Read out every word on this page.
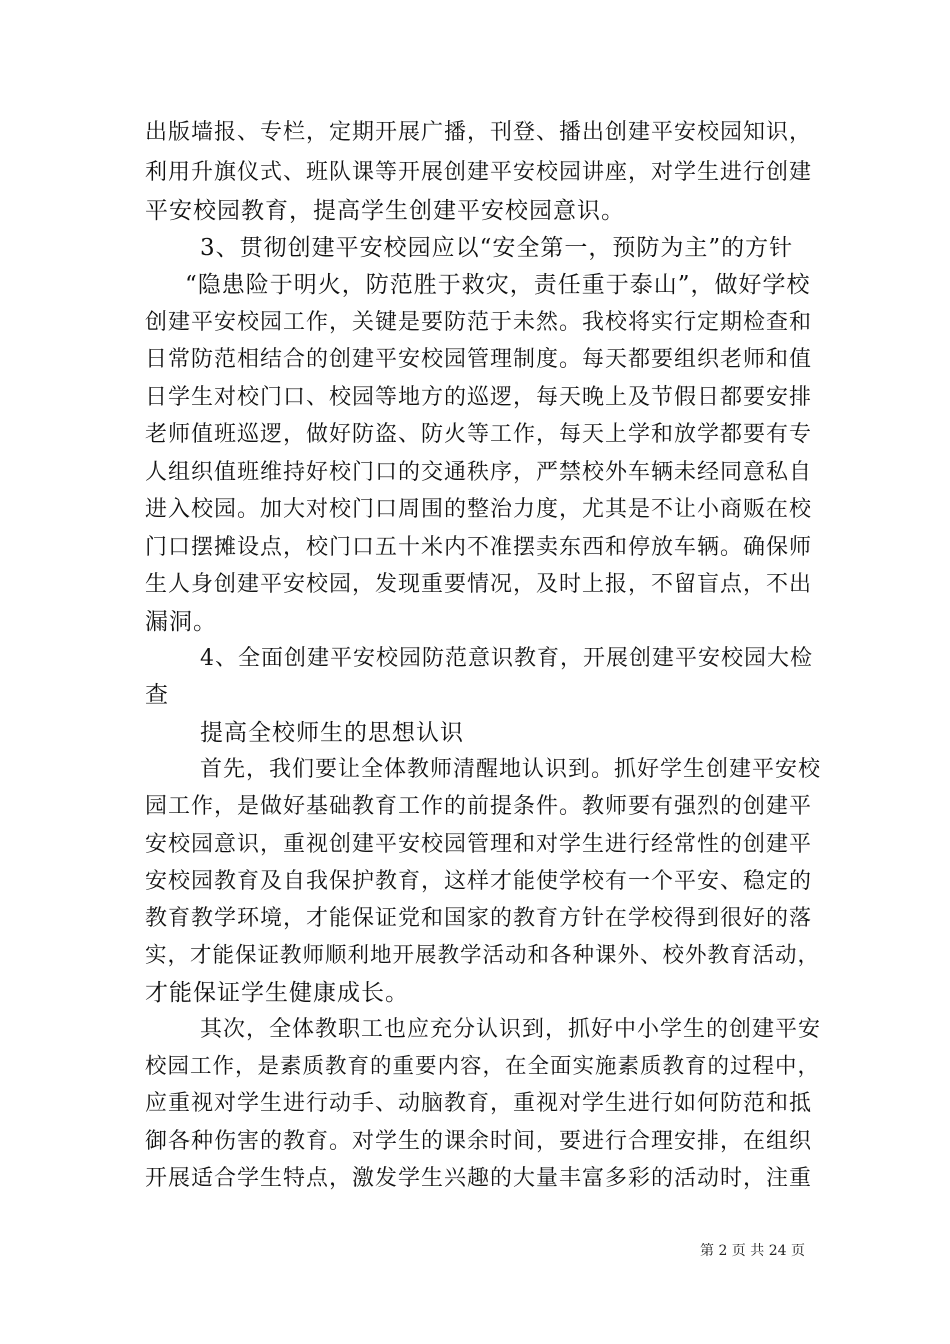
出版墙报、专栏，定期开展广播，刊登、播出创建平安校园知识，
利用升旗仪式、班队课等开展创建平安校园讲座，对学生进行创建
平安校园教育，提高学生创建平安校园意识。
3、贯彻创建平安校园应以“安全第一，预防为主”的方针
“隐患险于明火，防范胜于救灾，责任重于泰山”，做好学校
创建平安校园工作，关键是要防范于未然。我校将实行定期检查和
日常防范相结合的创建平安校园管理制度。每天都要组织老师和值
日学生对校门口、校园等地方的巡逻，每天晚上及节假日都要安排
老师值班巡逻，做好防盗、防火等工作，每天上学和放学都要有专
人组织值班维持好校门口的交通秩序，严禁校外车辆未经同意私自
进入校园。加大对校门口周围的整治力度，尤其是不让小商贩在校
门口摆摊设点，校门口五十米内不准摆卖东西和停放车辆。确保师
生人身创建平安校园，发现重要情况，及时上报，不留盲点，不出
漏洞。
4、全面创建平安校园防范意识教育，开展创建平安校园大检
查
提高全校师生的思想认识
首先，我们要让全体教师清醒地认识到。抓好学生创建平安校
园工作，是做好基础教育工作的前提条件。教师要有强烈的创建平
安校园意识，重视创建平安校园管理和对学生进行经常性的创建平
安校园教育及自我保护教育，这样才能使学校有一个平安、稳定的
教育教学环境，才能保证党和国家的教育方针在学校得到很好的落
实，才能保证教师顺利地开展教学活动和各种课外、校外教育活动，
才能保证学生健康成长。
其次，全体教职工也应充分认识到，抓好中小学生的创建平安
校园工作，是素质教育的重要内容，在全面实施素质教育的过程中，
应重视对学生进行动手、动脑教育，重视对学生进行如何防范和抵
御各种伤害的教育。对学生的课余时间，要进行合理安排，在组织
开展适合学生特点，激发学生兴趣的大量丰富多彩的活动时，注重
第 2 页 共 24 页
